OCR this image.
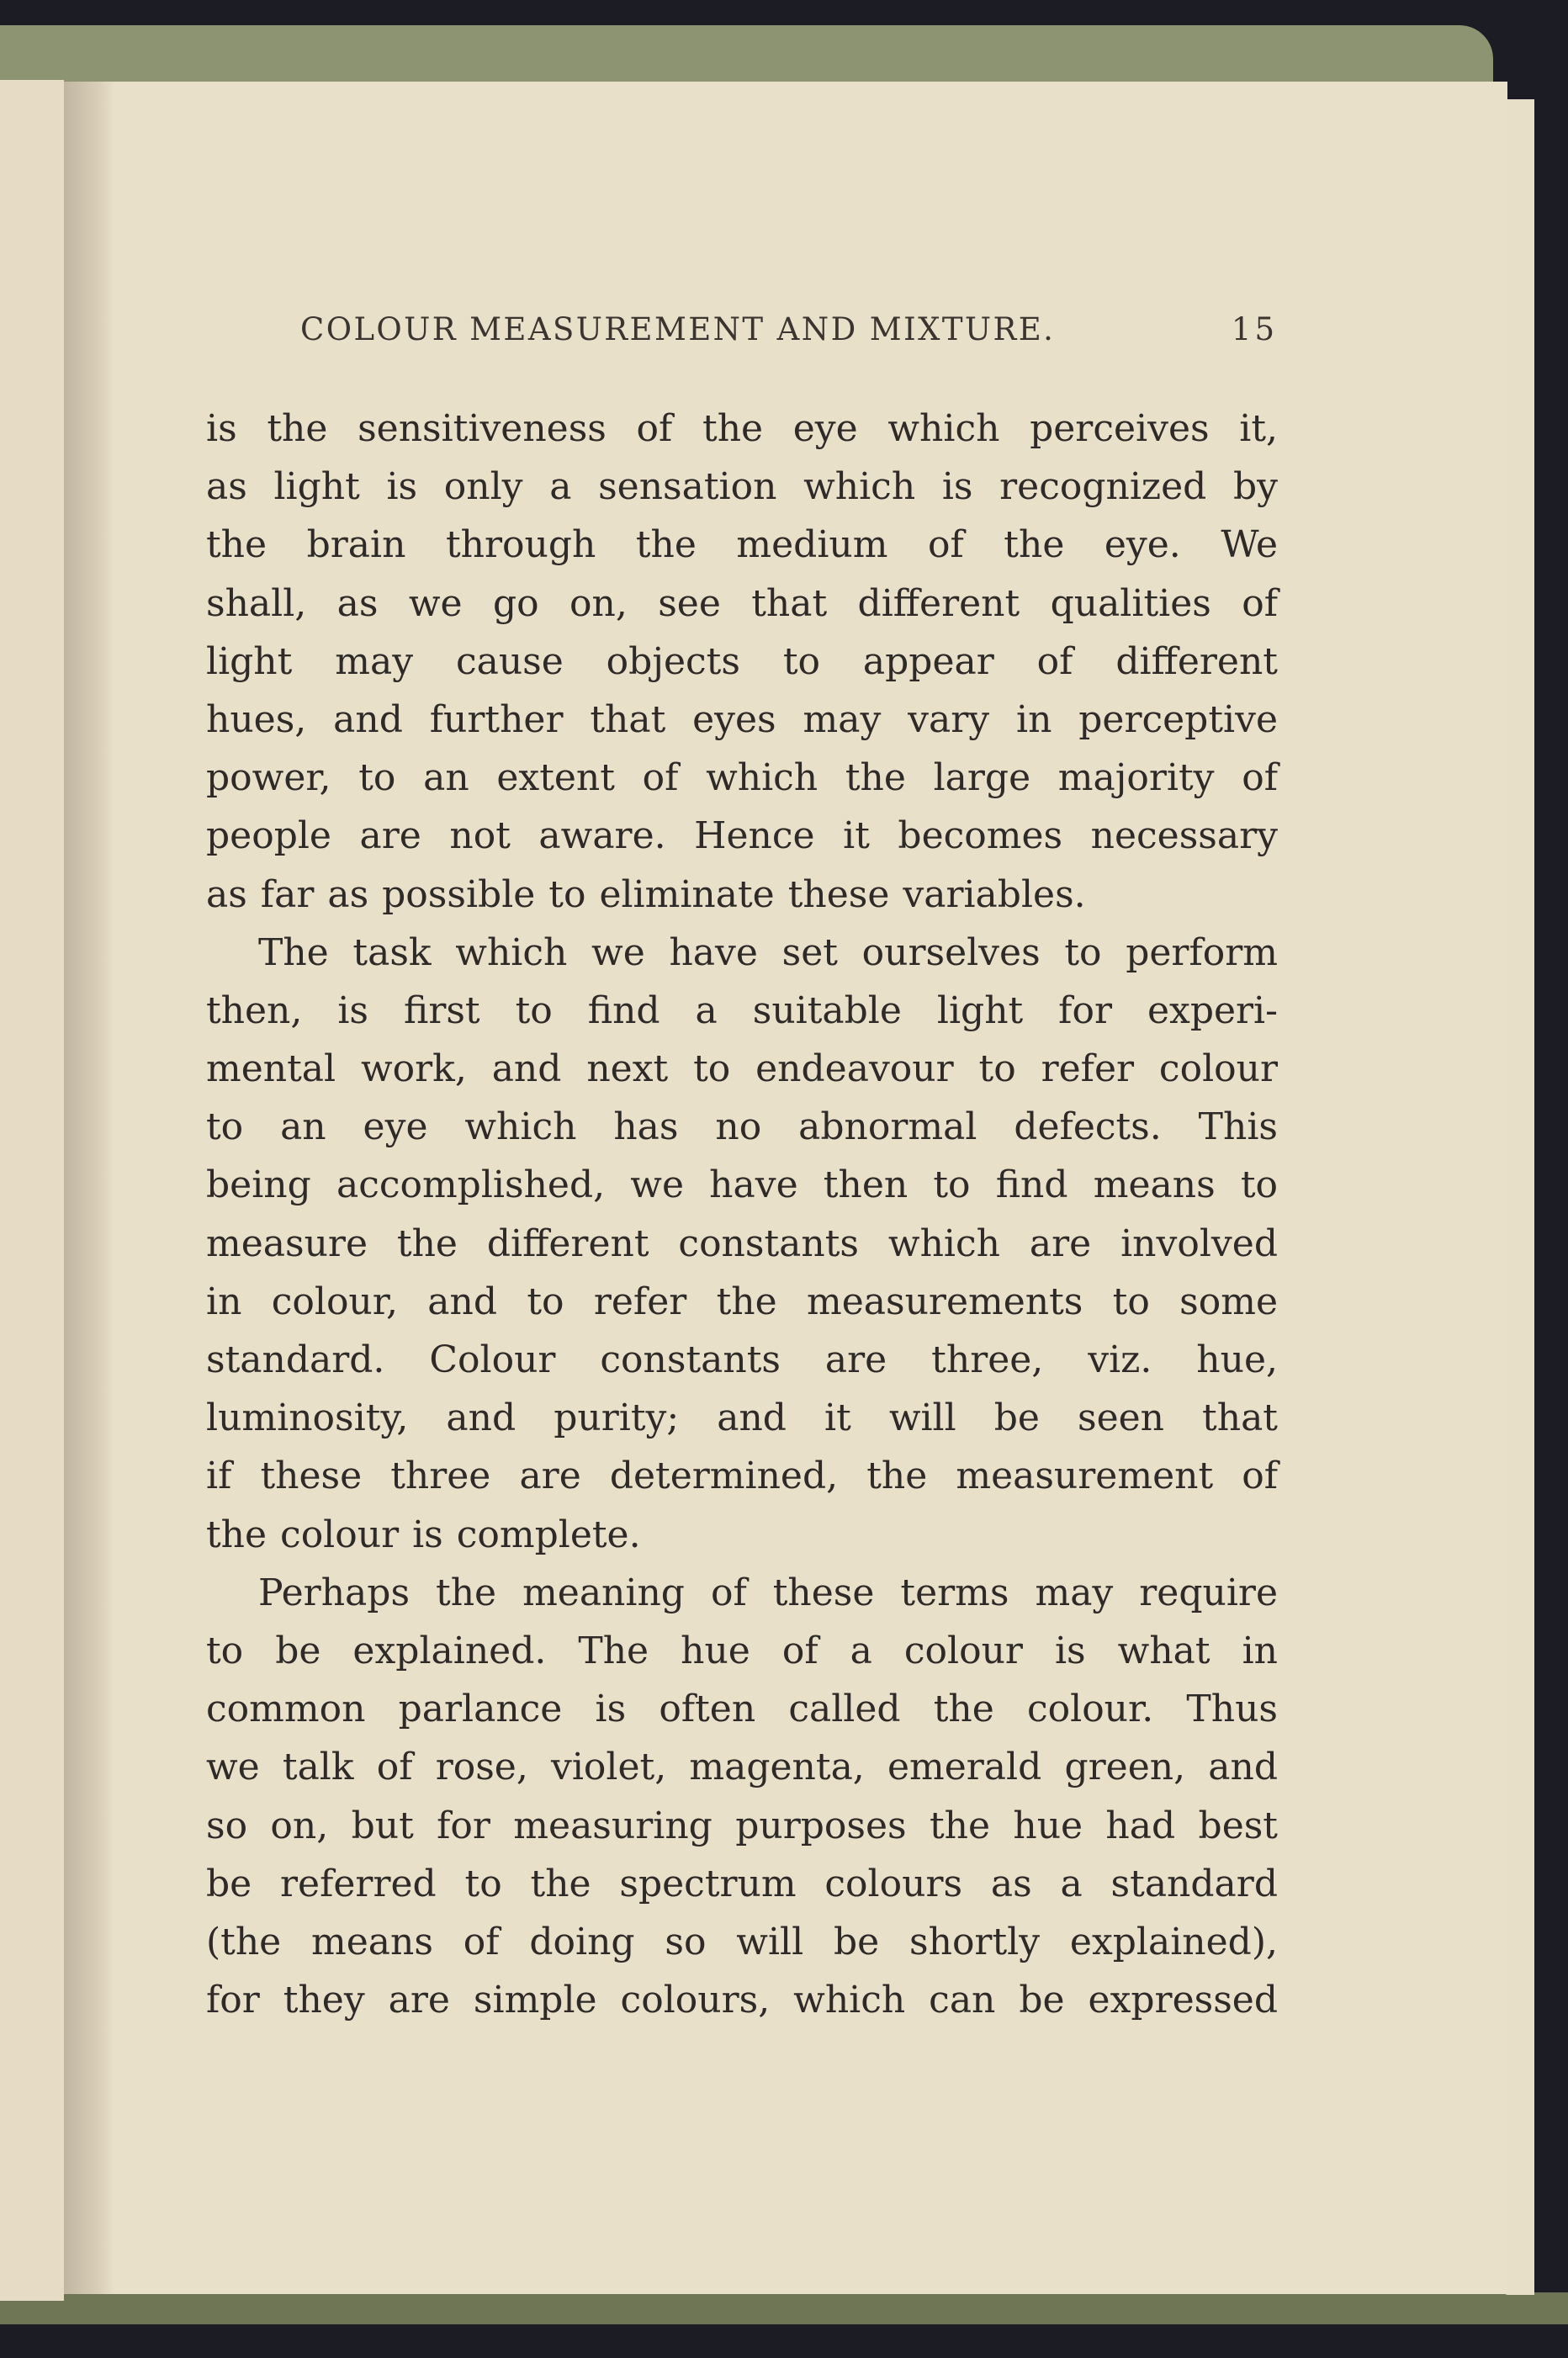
COLOUR MEASUREMENT AND MIXTURE.	15
is the sensitiveness of the eye which perceives it,
as light is only a sensation which is recognized by
the brain through the medium of the eye. We
shall, as we go on, see that different qualities of
light may cause objects to appear of different
hues, and further that eyes may vary in perceptive
power, to an extent of which the large majority of
people are not aware. Hence it becomes necessary
as far as possible to eliminate these variables.
The task which we have set ourselves to perform
then, is first to find a suitable light for experi-
mental work, and next to endeavour to refer colour
to an eye which has no abnormal defects. This
being accomplished, we have then to find means to
measure the different constants which are involved
in colour, and to refer the measurements to some
standard. Colour constants are three, viz. hue,
luminosity, and purity; and it will be seen that
if these three are determined, the measurement of
the colour is complete.
Perhaps the meaning of these terms may require
to be explained. The hue of a colour is what in
common parlance is often called the colour. Thus
we talk of rose, violet, magenta, emerald green, and
so on, but for measuring purposes the hue had best
be referred to the spectrum colours as a standard
(the means of doing so will be shortly explained),
for they are simple colours, which can be expressed
